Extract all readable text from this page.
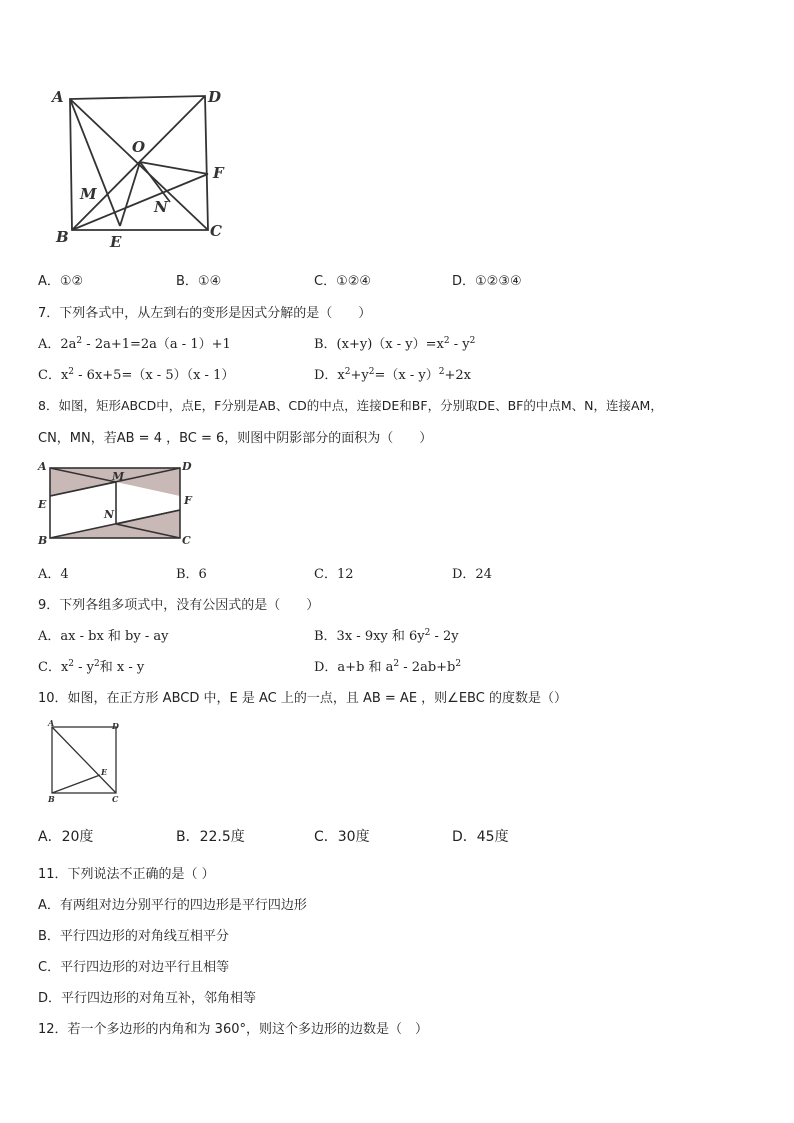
A	D
O
F
M
N
B	E
C
A．①②	B．①④	C．①②④	D．①②③④
7．下列各式中，从左到右的变形是因式分解的是（　　）
A．$2a^2 - 2a+1=2a(a - 1)+1$	B．$(x+y)(x - y)=x^2 - y^2$
C．$x^2 - 6x+5=(x - 5)(x - 1)$	D．$x^2+y^2=(x - y)^2+2x$
8．如图，矩形ABCD中，点E，F分别是AB、CD的中点，连接DE和BF，分别取DE、BF的中点M、N，连接AM，
CN，MN，若AB = 4 ，BC = 6，则图中阴影部分的面积为（　　）
A	D
M
E	F
N
B	C
A．4	B．6	C．12	D．24
9．下列各组多项式中，没有公因式的是（　　）
A．ax - bx 和 by - ay	B．3x - 9xy 和 $6y^2 - 2y$
C．$x^2 - y^2$和 x - y	D．a+b 和 $a^2 - 2ab+b^2$
10．如图，在正方形 ABCD 中，E 是 AC 上的一点，且 AB = AE ，则∠EBC 的度数是（）
A	D
E
B	C
A．20度	B．22.5度	C．30度	D．45度
11．下列说法不正确的是（ ）
A．有两组对边分别平行的四边形是平行四边形
B．平行四边形的对角线互相平分
C．平行四边形的对边平行且相等
D．平行四边形的对角互补，邻角相等
12．若一个多边形的内角和为 360°，则这个多边形的边数是（　）
